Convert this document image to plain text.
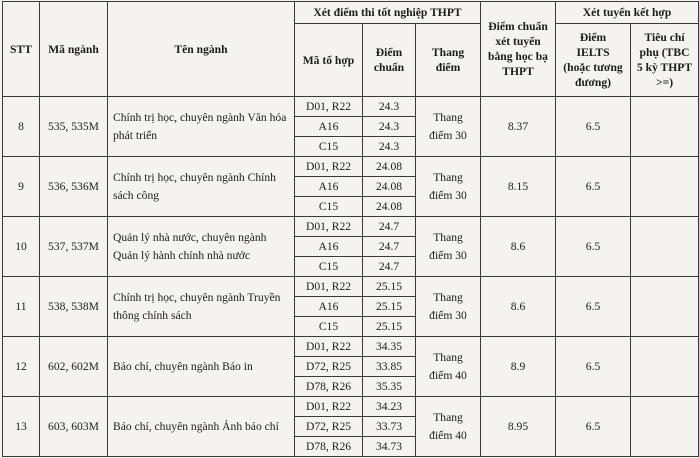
STT	Mã ngành	Tên ngành	Xét điểm thi tốt nghiệp THPT			Điểm chuẩn xét tuyển bằng học bạ THPT	Xét tuyển kết hợp	
			Mã tổ hợp	Điểm chuẩn	Thang điểm		Điểm IELTS (hoặc tương đương)	Tiêu chí phụ (TBC 5 kỳ THPT >=)
8	535, 535M	Chính trị học, chuyên ngành Văn hóa phát triển	D01, R22	24.3	Thang điểm 30	8.37	6.5	
			A16	24.3				
			C15	24.3				
9	536, 536M	Chính trị học, chuyên ngành Chính sách công	D01, R22	24.08	Thang điểm 30	8.15	6.5	
			A16	24.08				
			C15	24.08				
10	537, 537M	Quản lý nhà nước, chuyên ngành Quản lý hành chính nhà nước	D01, R22	24.7	Thang điểm 30	8.6	6.5	
			A16	24.7				
			C15	24.7				
11	538, 538M	Chính trị học, chuyên ngành Truyền thông chính sách	D01, R22	25.15	Thang điểm 30	8.6	6.5	
			A16	25.15				
			C15	25.15				
12	602, 602M	Báo chí, chuyên ngành Báo in	D01, R22	34.35	Thang điểm 40	8.9	6.5	
			D72, R25	33.85				
			D78, R26	35.35				
13	603, 603M	Báo chí, chuyên ngành Ảnh báo chí	D01, R22	34.23	Thang điểm 40	8.95	6.5	
			D72, R25	33.73				
			D78, R26	34.73				
